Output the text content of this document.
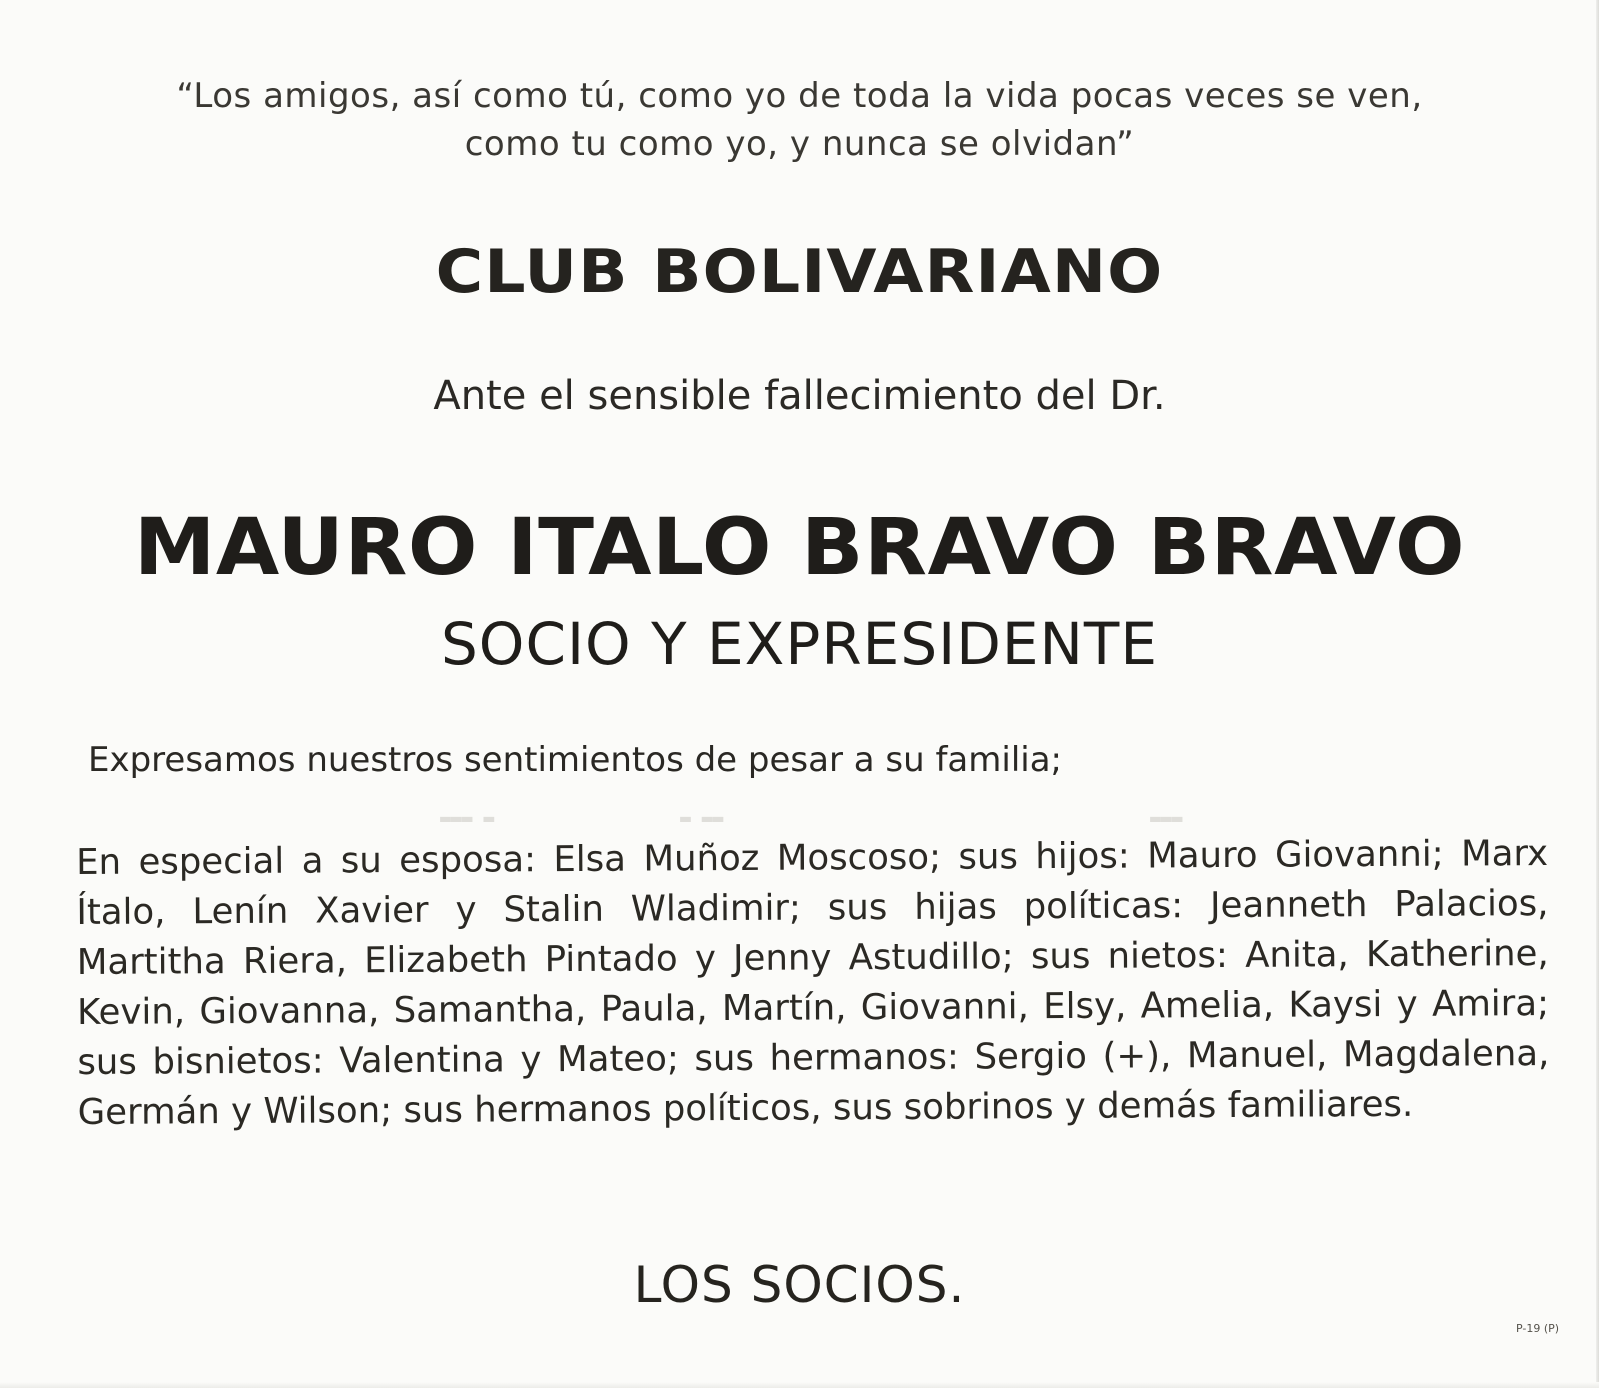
▬ ▬▬▬	▬▬ ▬	▬▬▬
“Los amigos, así como tú, como yo de toda la vida pocas veces se ven,
como tu como yo, y nunca se olvidan”
CLUB BOLIVARIANO
Ante el sensible fallecimiento del Dr.
MAURO ITALO BRAVO BRAVO
SOCIO Y EXPRESIDENTE
Expresamos nuestros sentimientos de pesar a su familia;
En especial a su esposa: Elsa Muñoz Moscoso; sus hijos: Mauro Giovanni; Marx Ítalo, Lenín Xavier y Stalin Wladimir; sus hijas políticas: Jeanneth Palacios, Martitha Riera, Elizabeth Pintado y Jenny Astudillo; sus nietos: Anita, Katherine, Kevin, Giovanna, Samantha, Paula, Martín, Giovanni, Elsy, Amelia, Kaysi y Amira; sus bisnietos: Valentina y Mateo; sus hermanos: Sergio (+), Manuel, Magdalena, Germán y Wilson; sus hermanos políticos, sus sobrinos y demás familiares.
LOS SOCIOS.
P-19 (P)
